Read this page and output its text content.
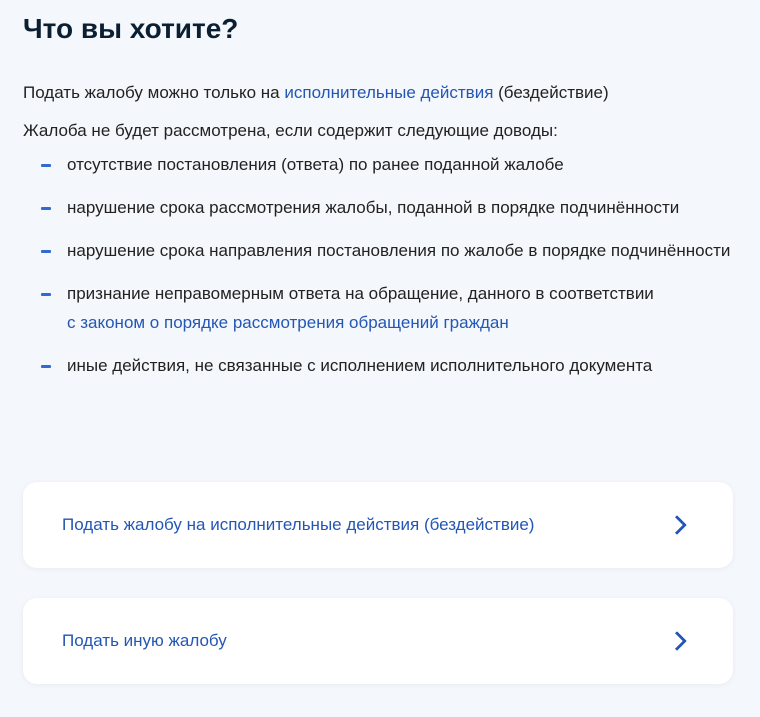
Что вы хотите?
Подать жалобу можно только на исполнительные действия (бездействие)
Жалоба не будет рассмотрена, если содержит следующие доводы:
отсутствие постановления (ответа) по ранее поданной жалобе
нарушение срока рассмотрения жалобы, поданной в порядке подчинённости
нарушение срока направления постановления по жалобе в порядке подчинённости
признание неправомерным ответа на обращение, данного в соответствии
с законом о порядке рассмотрения обращений граждан
иные действия, не связанные с исполнением исполнительного документа
Подать жалобу на исполнительные действия (бездействие)
Подать иную жалобу
